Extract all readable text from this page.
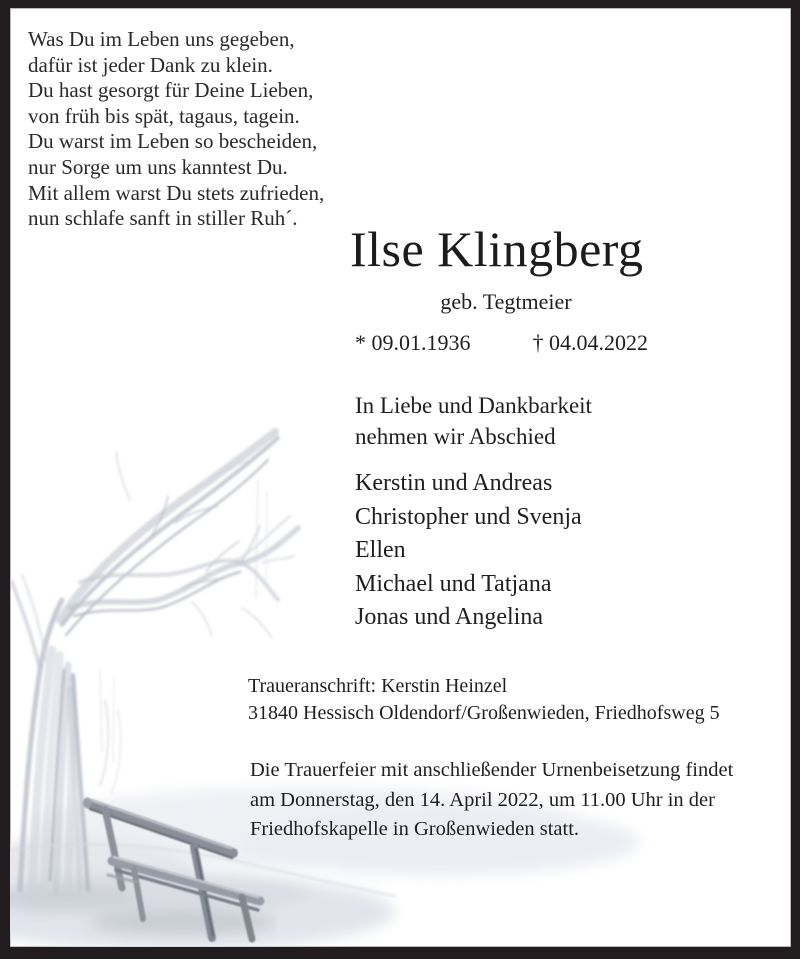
Was Du im Leben uns gegeben,
dafür ist jeder Dank zu klein.
Du hast gesorgt für Deine Lieben,
von früh bis spät, tagaus, tagein.
Du warst im Leben so bescheiden,
nur Sorge um uns kanntest Du.
Mit allem warst Du stets zufrieden,
nun schlafe sanft in stiller Ruh´.
Ilse Klingberg
geb. Tegtmeier
* 09.01.1936	† 04.04.2022
In Liebe und Dankbarkeit
nehmen wir Abschied
Kerstin und Andreas
Christopher und Svenja
Ellen
Michael und Tatjana
Jonas und Angelina
Traueranschrift: Kerstin Heinzel
31840 Hessisch Oldendorf/Großenwieden, Friedhofsweg 5
Die Trauerfeier mit anschließender Urnenbeisetzung findet
am Donnerstag, den 14. April 2022, um 11.00 Uhr in der
Friedhofskapelle in Großenwieden statt.
